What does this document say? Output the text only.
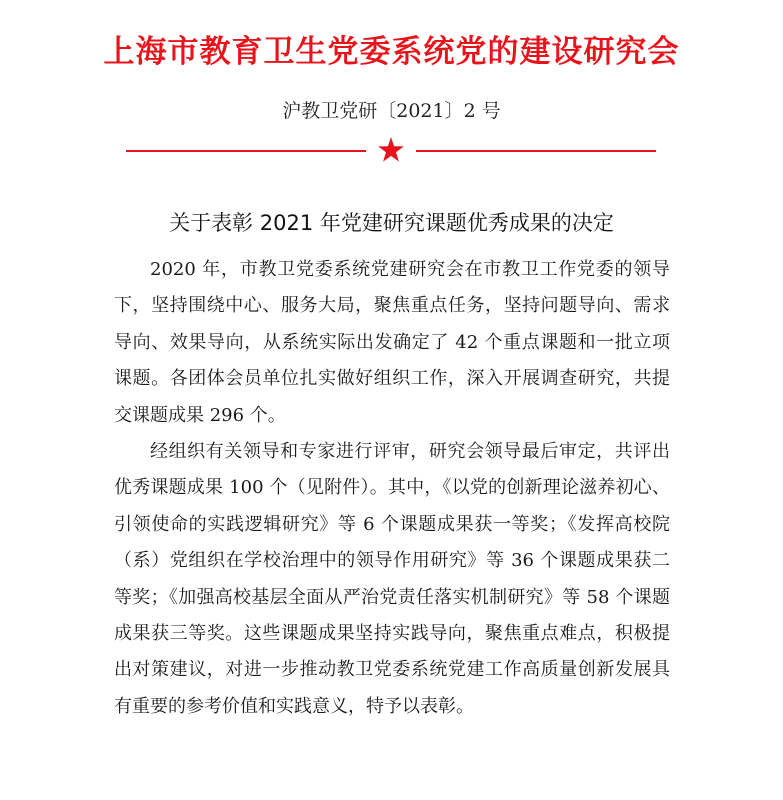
上海市教育卫生党委系统党的建设研究会
沪教卫党研〔2021〕2 号
关于表彰 2021 年党建研究课题优秀成果的决定

2020 年，市教卫党委系统党建研究会在市教卫工作党委的领导下，坚持围绕中心、服务大局，聚焦重点任务，坚持问题导向、需求导向、效果导向，从系统实际出发确定了 42 个重点课题和一批立项课题。各团体会员单位扎实做好组织工作，深入开展调查研究，共提交课题成果 296 个。

经组织有关领导和专家进行评审，研究会领导最后审定，共评出优秀课题成果 100 个（见附件）。其中，《以党的创新理论滋养初心、引领使命的实践逻辑研究》等 6 个课题成果获一等奖；《发挥高校院（系）党组织在学校治理中的领导作用研究》等 36 个课题成果获二等奖；《加强高校基层全面从严治党责任落实机制研究》等 58 个课题成果获三等奖。这些课题成果坚持实践导向，聚焦重点难点，积极提出对策建议，对进一步推动教卫党委系统党建工作高质量创新发展具有重要的参考价值和实践意义，特予以表彰。
